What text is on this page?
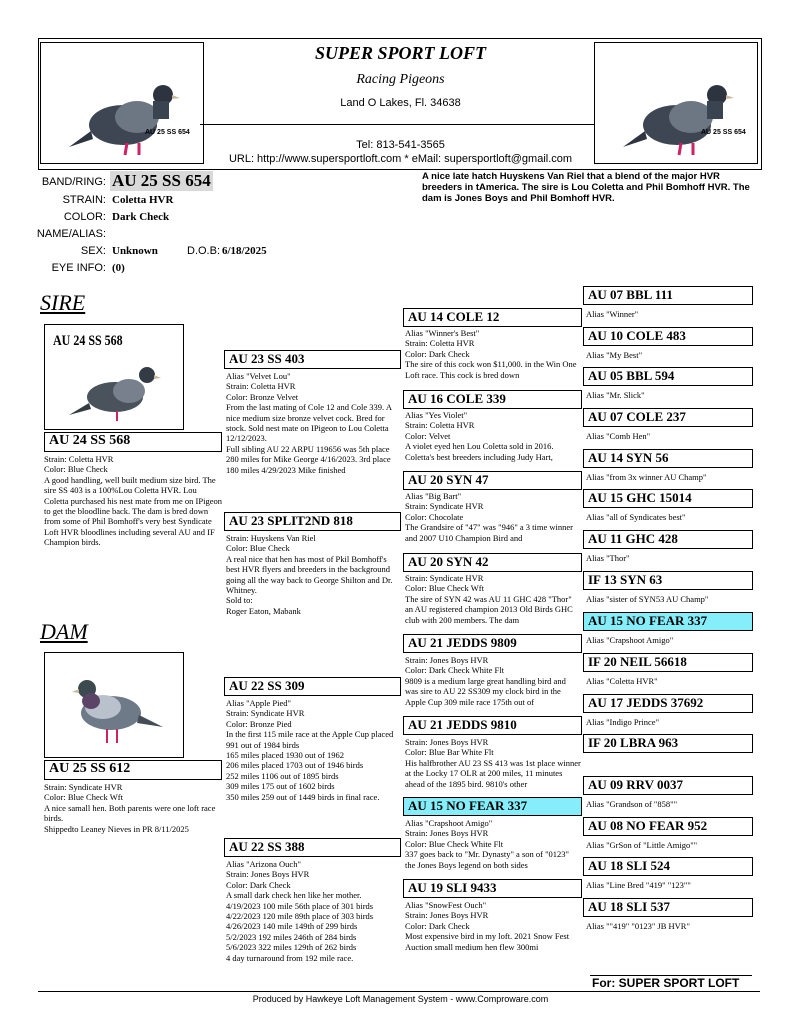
AU 25 SS 654	AU 25 SS 654
SUPER SPORT LOFT
Racing Pigeons
Land O Lakes, Fl. 34638
Tel: 813-541-3565
URL: http://www.supersportloft.com * eMail: supersportloft@gmail.com
BAND/RING: AU 25 SS 654
STRAIN: Coletta HVR
COLOR: Dark Check
NAME/ALIAS:
SEX: Unknown	D.O.B: 6/18/2025
EYE INFO: (0)
A nice late hatch Huyskens Van Riel that a blend of the major HVR breeders in tAmerica. The sire is Lou Coletta and Phil Bomhoff HVR. The dam is Jones Boys and Phil Bomhoff HVR.
SIRE
DAM
AU 24 SS 568
AU 24 SS 568
Strain: Coletta HVR
Color: Blue Check
A good handling, well built medium size bird. The sire SS 403 is a 100%Lou Coletta HVR. Lou Coletta purchased his nest mate from me on IPigeon to get the bloodline back. The dam is bred down from some of Phil Bomhoff's very best Syndicate Loft HVR bloodlines including several AU and IF Champion birds.
AU 25 SS 612
Strain: Syndicate HVR
Color: Blue Check Wft
A nice samall hen. Both parents were one loft race birds.
Shippedto Leaney Nieves in PR 8/11/2025
AU 23 SS 403
Alias "Velvet Lou"
Strain: Coletta HVR
Color: Bronze Velvet
From the last mating of Cole 12 and Cole 339. A nice medium size bronze velvet cock. Bred for stock. Sold nest mate on IPigeon to Lou Coletta 12/12/2023.
Full sibling AU 22 ARPU 119656 was 5th place 280 miles for Mike George 4/16/2023. 3rd place 180 miles 4/29/2023 Mike finished
AU 23 SPLIT2ND 818
Strain: Huyskens Van Riel
Color: Blue Check
A real nice that hen has most of Pkil Bomhoff's best HVR flyers and breeders in the background going all the way back to George Shilton and Dr. Whitney.
Sold to:
Roger Eaton, Mabank
AU 22 SS 309
Alias "Apple Pied"
Strain: Syndicate HVR
Color: Bronze Pied
In the first 115 mile race at the Apple Cup placed 991 out of 1984 birds
165 miles placed 1930 out of 1962
206 miles placed 1703 out of 1946 birds
252 miles 1106 out of 1895 birds
309 miles 175 out of 1602 birds
350 miles 259 out of 1449 birds in final race.
AU 22 SS 388
Alias "Arizona Ouch"
Strain: Jones Boys HVR
Color: Dark Check
A small dark check hen like her mother.
4/19/2023 100 mile 56th place of 301 birds
4/22/2023 120 mile 89th place of 303 birds
4/26/2023 140 mile 149th of 299 birds
5/2/2023 192 miles 246th of 284 birds
5/6/2023 322 miles 129th of 262 birds
4 day turnaround from 192 mile race.
AU 14 COLE 12
Alias "Winner's Best"
Strain: Coletta HVR
Color: Dark Check
The sire of this cock won $11,000. in the Win One Loft race. This cock is bred down
AU 16 COLE 339
Alias "Yes Violet"
Strain: Coletta HVR
Color: Velvet
A violet eyed hen Lou Coletta sold in 2016. Coletta's best breeders including Judy Hart,
AU 20 SYN 47
Alias "Big Bart"
Strain: Syndicate HVR
Color: Chocolate
The Grandsire of "47" was "946" a 3 time winner and 2007 U10 Champion Bird and
AU 20 SYN 42
Strain: Syndicate HVR
Color: Blue Check Wft
The sire of SYN 42 was AU 11 GHC 428 "Thor" an AU registered champion 2013 Old Birds GHC club with 200 members. The dam
AU 21 JEDDS 9809
Strain: Jones Boys HVR
Color: Dark Check White Flt
9809 is a medium large great handling bird and was sire to AU 22 SS309 my clock bird in the Apple Cup 309 mile race 175th out of
AU 21 JEDDS 9810
Strain: Jones Boys HVR
Color: Blue Bar White Flt
His halfbrother AU 23 SS 413 was 1st place winner at the Locky 17 OLR at 200 miles, 11 minutes ahead of the 1895 bird. 9810's other
AU 15 NO FEAR 337
Alias "Crapshoot Amigo"
Strain: Jones Boys HVR
Color: Blue Check White Flt
337 goes back to "Mr. Dynasty" a son of "0123" the Jones Boys legend on both sides
AU 19 SLI 9433
Alias "SnowFest Ouch"
Strain: Jones Boys HVR
Color: Dark Check
Most expensive bird in my loft. 2021 Snow Fest Auction small medium hen flew 300mi
AU 07 BBL 111
Alias "Winner"
AU 10 COLE 483
Alias "My Best"
AU 05 BBL 594
Alias "Mr. Slick"
AU 07 COLE 237
Alias "Comb Hen"
AU 14 SYN 56
Alias "from 3x winner AU Champ"
AU 15 GHC 15014
Alias "all of Syndicates best"
AU 11 GHC 428
Alias "Thor"
IF 13 SYN 63
Alias "sister of SYN53 AU Champ"
AU 15 NO FEAR 337
Alias "Crapshoot Amigo"
IF 20 NEIL 56618
Alias "Coletta HVR"
AU 17 JEDDS 37692
Alias "Indigo Prince"
IF 20 LBRA 963
AU 09 RRV 0037
Alias "Grandson of "858""
AU 08 NO FEAR 952
Alias "GrSon of "Little Amigo""
AU 18 SLI 524
Alias "Line Bred "419" "123""
AU 18 SLI 537
Alias ""419" "0123" JB HVR"
For: SUPER SPORT LOFT
Produced by Hawkeye Loft Management System - www.Comproware.com
